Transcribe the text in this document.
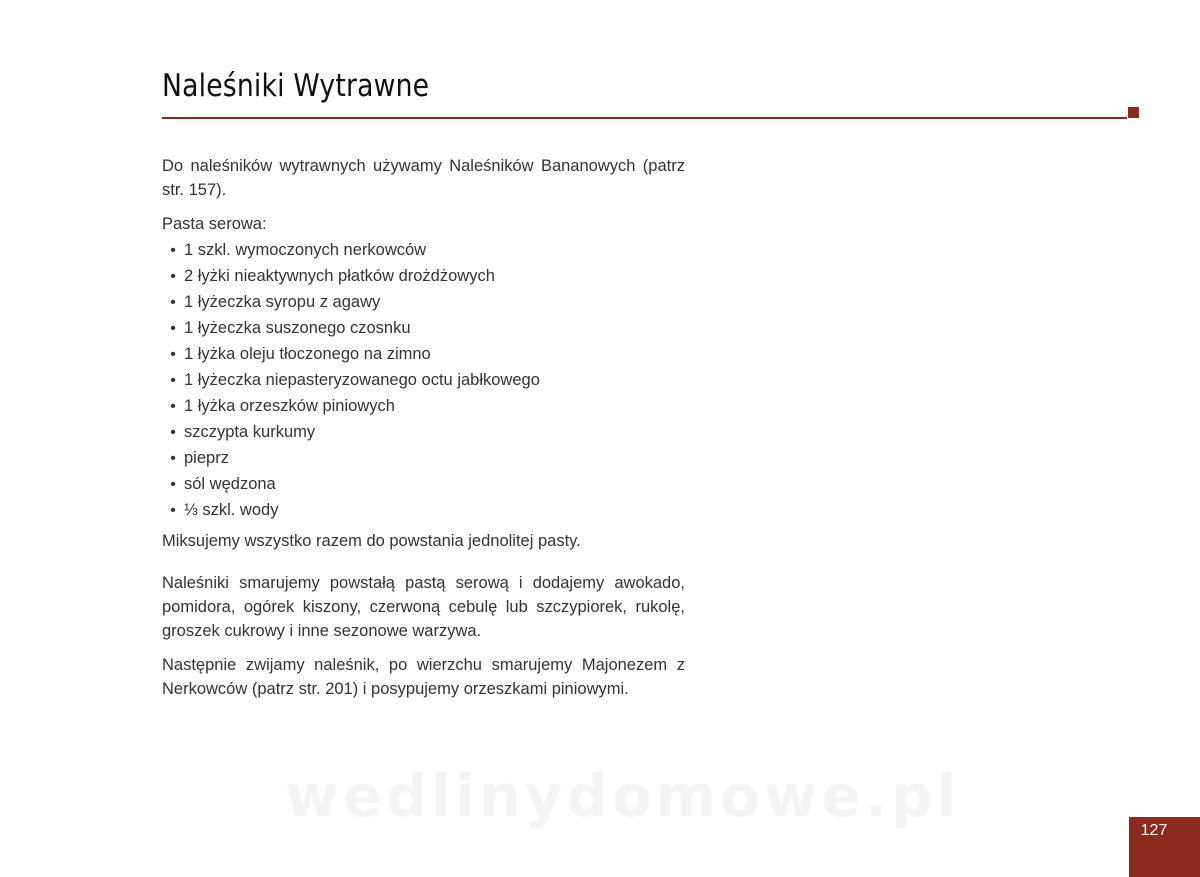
Naleśniki Wytrawne

Do naleśników wytrawnych używamy Naleśników Bananowych (patrz str. 157).

Pasta serowa:

• 1 szkl. wymoczonych nerkowców
• 2 łyżki nieaktywnych płatków drożdżowych
• 1 łyżeczka syropu z agawy
• 1 łyżeczka suszonego czosnku
• 1 łyżka oleju tłoczonego na zimno
• 1 łyżeczka niepasteryzowanego octu jabłkowego
• 1 łyżka orzeszków piniowych
• szczypta kurkumy
• pieprz
• sól wędzona
• ⅓ szkl. wody

Miksujemy wszystko razem do powstania jednolitej pasty.

Naleśniki smarujemy powstałą pastą serową i dodajemy awokado, pomidora, ogórek kiszony, czerwoną cebulę lub szczypiorek, rukolę, groszek cukrowy i inne sezonowe warzywa.

Następnie zwijamy naleśnik, po wierzchu smarujemy Majonezem z Nerkowców (patrz str. 201) i posypujemy orzeszkami piniowymi.

wedlinydomowe.pl
127
